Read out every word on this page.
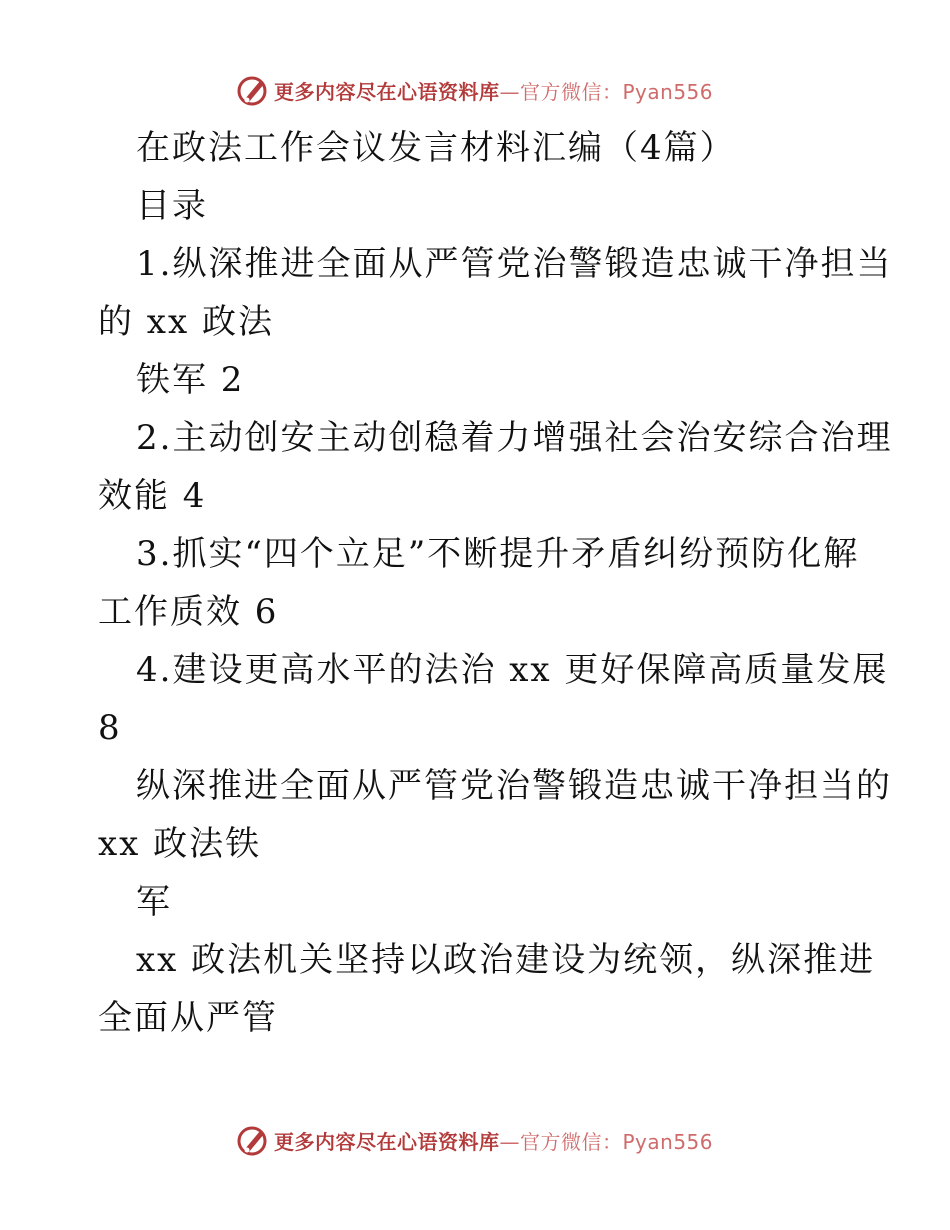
更多内容尽在心语资料库 —官方微信：Pyan556
在政法工作会议发言材料汇编（4篇）
目录
1.纵深推进全面从严管党治警锻造忠诚干净担当
的 xx 政法
铁军 2
2.主动创安主动创稳着力增强社会治安综合治理
效能 4
3.抓实“四个立足”不断提升矛盾纠纷预防化解
工作质效 6
4.建设更高水平的法治 xx 更好保障高质量发展
8
纵深推进全面从严管党治警锻造忠诚干净担当的
xx 政法铁
军
xx 政法机关坚持以政治建设为统领，纵深推进
全面从严管
更多内容尽在心语资料库 —官方微信：Pyan556
